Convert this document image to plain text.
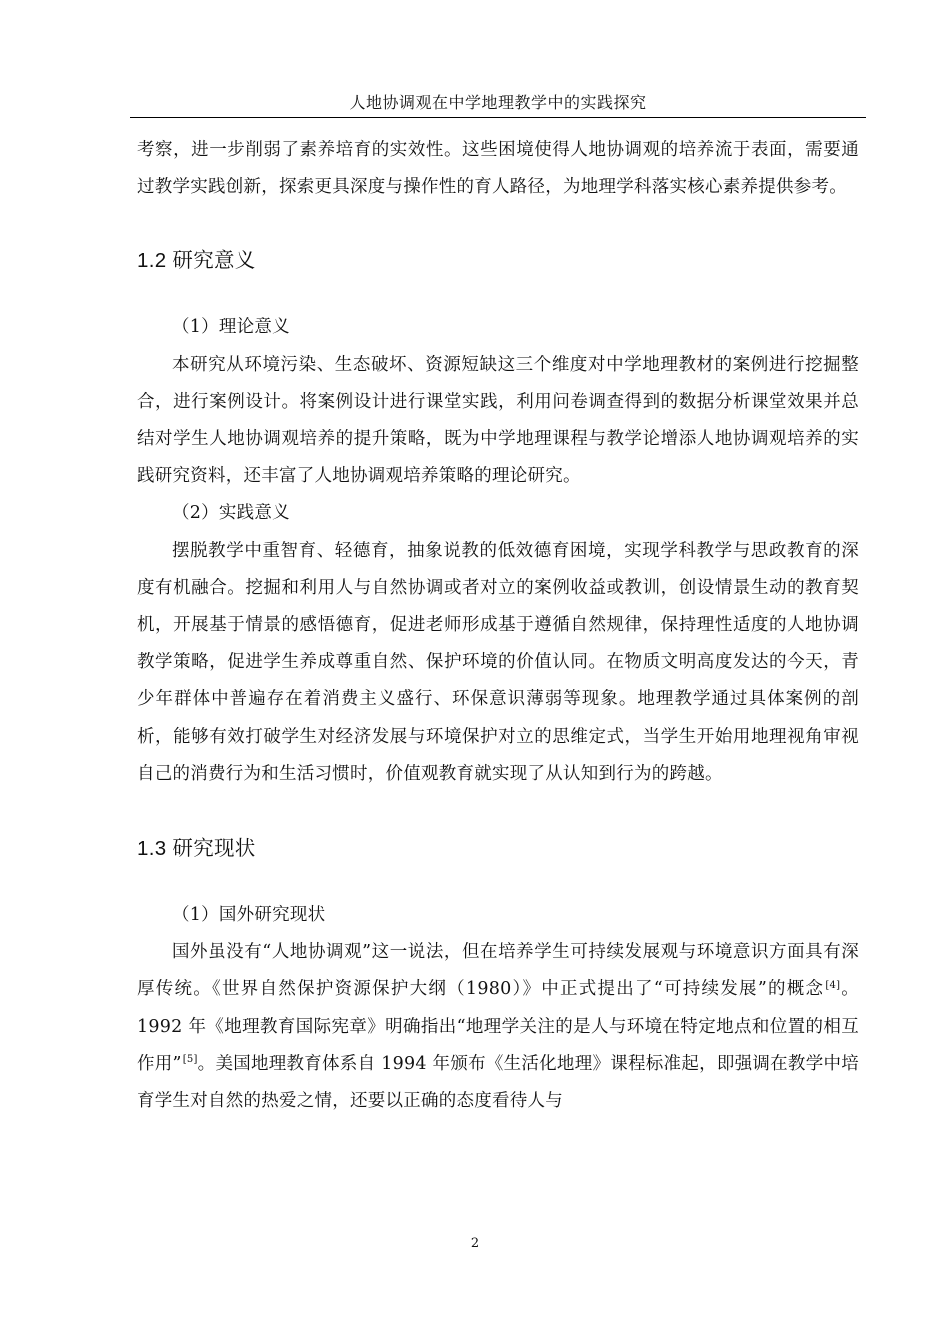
人地协调观在中学地理教学中的实践探究

考察，进一步削弱了素养培育的实效性。这些困境使得人地协调观的培养流于表面，需要通过教学实践创新，探索更具深度与操作性的育人路径，为地理学科落实核心素养提供参考。

1.2 研究意义

（1）理论意义

本研究从环境污染、生态破坏、资源短缺这三个维度对中学地理教材的案例进行挖掘整合，进行案例设计。将案例设计进行课堂实践，利用问卷调查得到的数据分析课堂效果并总结对学生人地协调观培养的提升策略，既为中学地理课程与教学论增添人地协调观培养的实践研究资料，还丰富了人地协调观培养策略的理论研究。

（2）实践意义

摆脱教学中重智育、轻德育，抽象说教的低效德育困境，实现学科教学与思政教育的深度有机融合。挖掘和利用人与自然协调或者对立的案例收益或教训，创设情景生动的教育契机，开展基于情景的感悟德育，促进老师形成基于遵循自然规律，保持理性适度的人地协调教学策略，促进学生养成尊重自然、保护环境的价值认同。在物质文明高度发达的今天，青少年群体中普遍存在着消费主义盛行、环保意识薄弱等现象。地理教学通过具体案例的剖析，能够有效打破学生对经济发展与环境保护对立的思维定式，当学生开始用地理视角审视自己的消费行为和生活习惯时，价值观教育就实现了从认知到行为的跨越。

1.3 研究现状

（1）国外研究现状

国外虽没有“人地协调观”这一说法，但在培养学生可持续发展观与环境意识方面具有深厚传统。《世界自然保护资源保护大纲（1980）》中正式提出了“可持续发展”的概念[4]。1992 年《地理教育国际宪章》明确指出“地理学关注的是人与环境在特定地点和位置的相互作用”[5]。美国地理教育体系自 1994 年颁布《生活化地理》课程标准起，即强调在教学中培育学生对自然的热爱之情，还要以正确的态度看待人与

2
